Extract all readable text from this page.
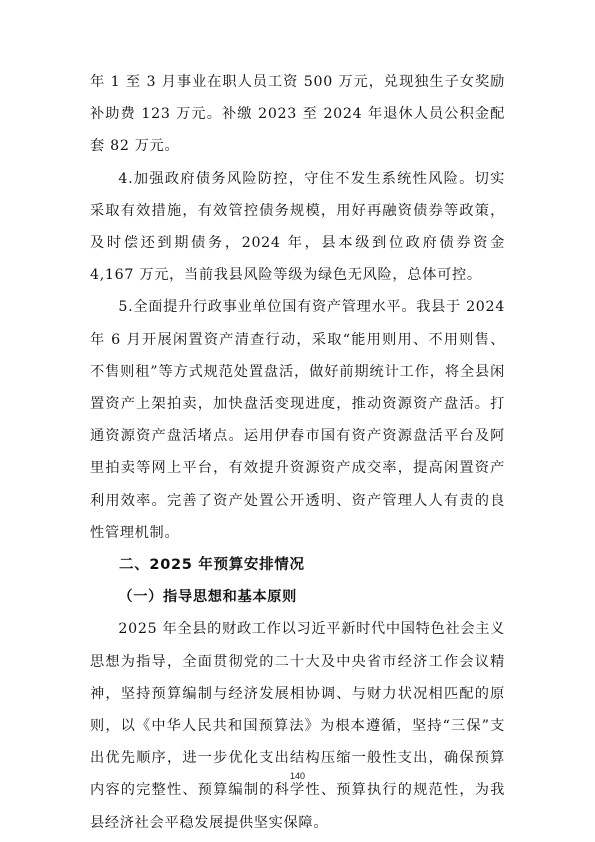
年 1 至 3 月事业在职人员工资 500 万元，兑现独生子女奖励补助费 123 万元。补缴 2023 至 2024 年退休人员公积金配套 82 万元。

4.加强政府债务风险防控，守住不发生系统性风险。切实采取有效措施，有效管控债务规模，用好再融资债券等政策，及时偿还到期债务，2024 年，县本级到位政府债券资金 4,167 万元，当前我县风险等级为绿色无风险，总体可控。

5.全面提升行政事业单位国有资产管理水平。我县于 2024 年 6 月开展闲置资产清查行动，采取“能用则用、不用则售、不售则租”等方式规范处置盘活，做好前期统计工作，将全县闲置资产上架拍卖，加快盘活变现进度，推动资源资产盘活。打通资源资产盘活堵点。运用伊春市国有资产资源盘活平台及阿里拍卖等网上平台，有效提升资源资产成交率，提高闲置资产利用效率。完善了资产处置公开透明、资产管理人人有责的良性管理机制。

二、2025 年预算安排情况

（一）指导思想和基本原则

2025 年全县的财政工作以习近平新时代中国特色社会主义思想为指导，全面贯彻党的二十大及中央省市经济工作会议精神，坚持预算编制与经济发展相协调、与财力状况相匹配的原则，以《中华人民共和国预算法》为根本遵循，坚持“三保”支出优先顺序，进一步优化支出结构压缩一般性支出，确保预算内容的完整性、预算编制的科学性、预算执行的规范性，为我县经济社会平稳发展提供坚实保障。

140
